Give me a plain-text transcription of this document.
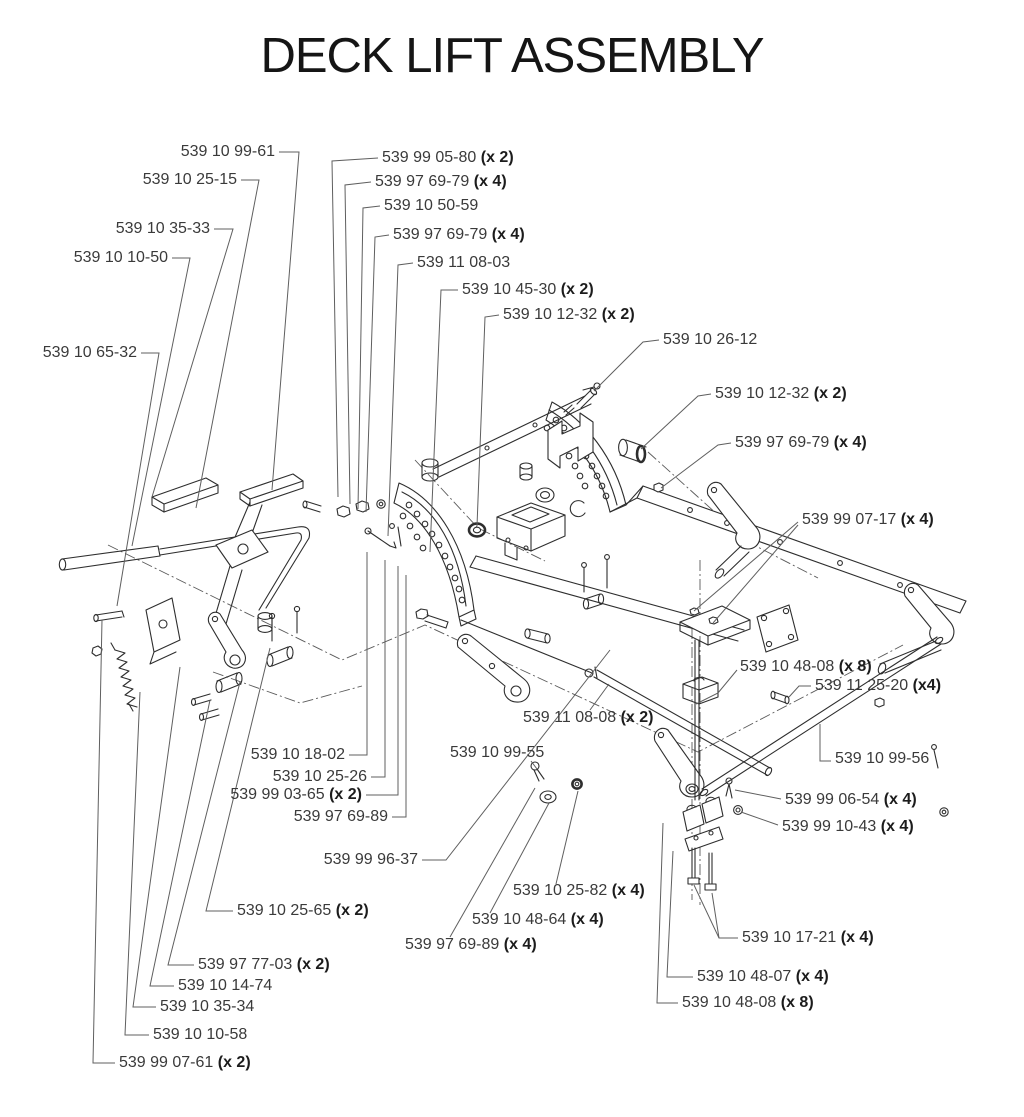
DECK LIFT ASSEMBLY
539 10 99-61
539 10 25-15
539 10 35-33
539 10 10-50
539 10 65-32
539 99 05-80 (x 2)
539 97 69-79 (x 4)
539 10 50-59
539 97 69-79 (x 4)
539 11 08-03
539 10 45-30 (x 2)
539 10 12-32 (x 2)
539 10 26-12
539 10 12-32 (x 2)
539 97 69-79 (x 4)
539 99 07-17 (x 4)
539 10 48-08 (x 8)
539 11 25-20 (x4)
539 11 08-08 (x 2)
539 10 99-55	539 10 99-56
539 99 06-54 (x 4)
539 99 10-43 (x 4)
539 10 18-02
539 10 25-26
539 99 03-65 (x 2)
539 97 69-89
539 99 96-37
539 10 25-65 (x 2)
539 10 25-82 (x 4)
539 10 48-64 (x 4)
539 97 69-89 (x 4)	539 10 17-21 (x 4)
539 10 48-07 (x 4)
539 10 48-08 (x 8)
539 97 77-03 (x 2)
539 10 14-74
539 10 35-34
539 10 10-58
539 99 07-61 (x 2)
